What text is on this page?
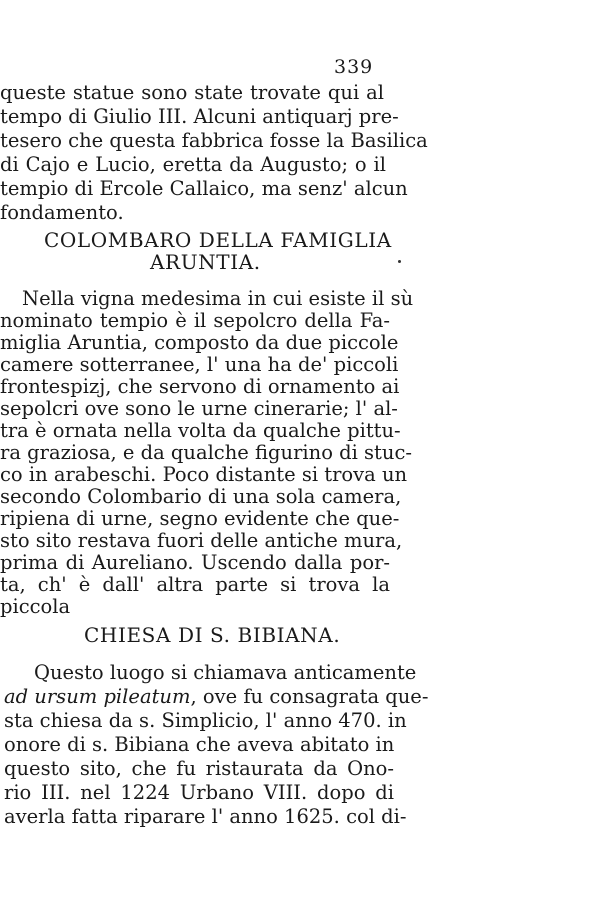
339
queste statue sono state trovate qui al
tempo di Giulio III. Alcuni antiquarj pre-
tesero che questa fabbrica fosse la Basilica
di Cajo e Lucio, eretta da Augusto; o il
tempio di Ercole Callaico, ma senz' alcun
fondamento.
COLOMBARO DELLA FAMIGLIA
ARUNTIA.
Nella vigna medesima in cui esiste il sù
nominato tempio è il sepolcro della Fa-
miglia Aruntia, composto da due piccole
camere sotterranee, l' una ha de' piccoli
frontespizj, che servono di ornamento ai
sepolcri ove sono le urne cinerarie; l' al-
tra è ornata nella volta da qualche pittu-
ra graziosa, e da qualche figurino di stuc-
co in arabeschi. Poco distante si trova un
secondo Colombario di una sola camera,
ripiena di urne, segno evidente che que-
sto sito restava fuori delle antiche mura,
prima di Aureliano. Uscendo dalla por-
ta, ch' è dall' altra parte si trova la
piccola
CHIESA DI S. BIBIANA.
Questo luogo si chiamava anticamente
ad ursum pileatum, ove fu consagrata que-
sta chiesa da s. Simplicio, l' anno 470. in
onore di s. Bibiana che aveva abitato in
questo sito, che fu ristaurata da Ono-
rio III. nel 1224 Urbano VIII. dopo di
averla fatta riparare l' anno 1625. col di-
